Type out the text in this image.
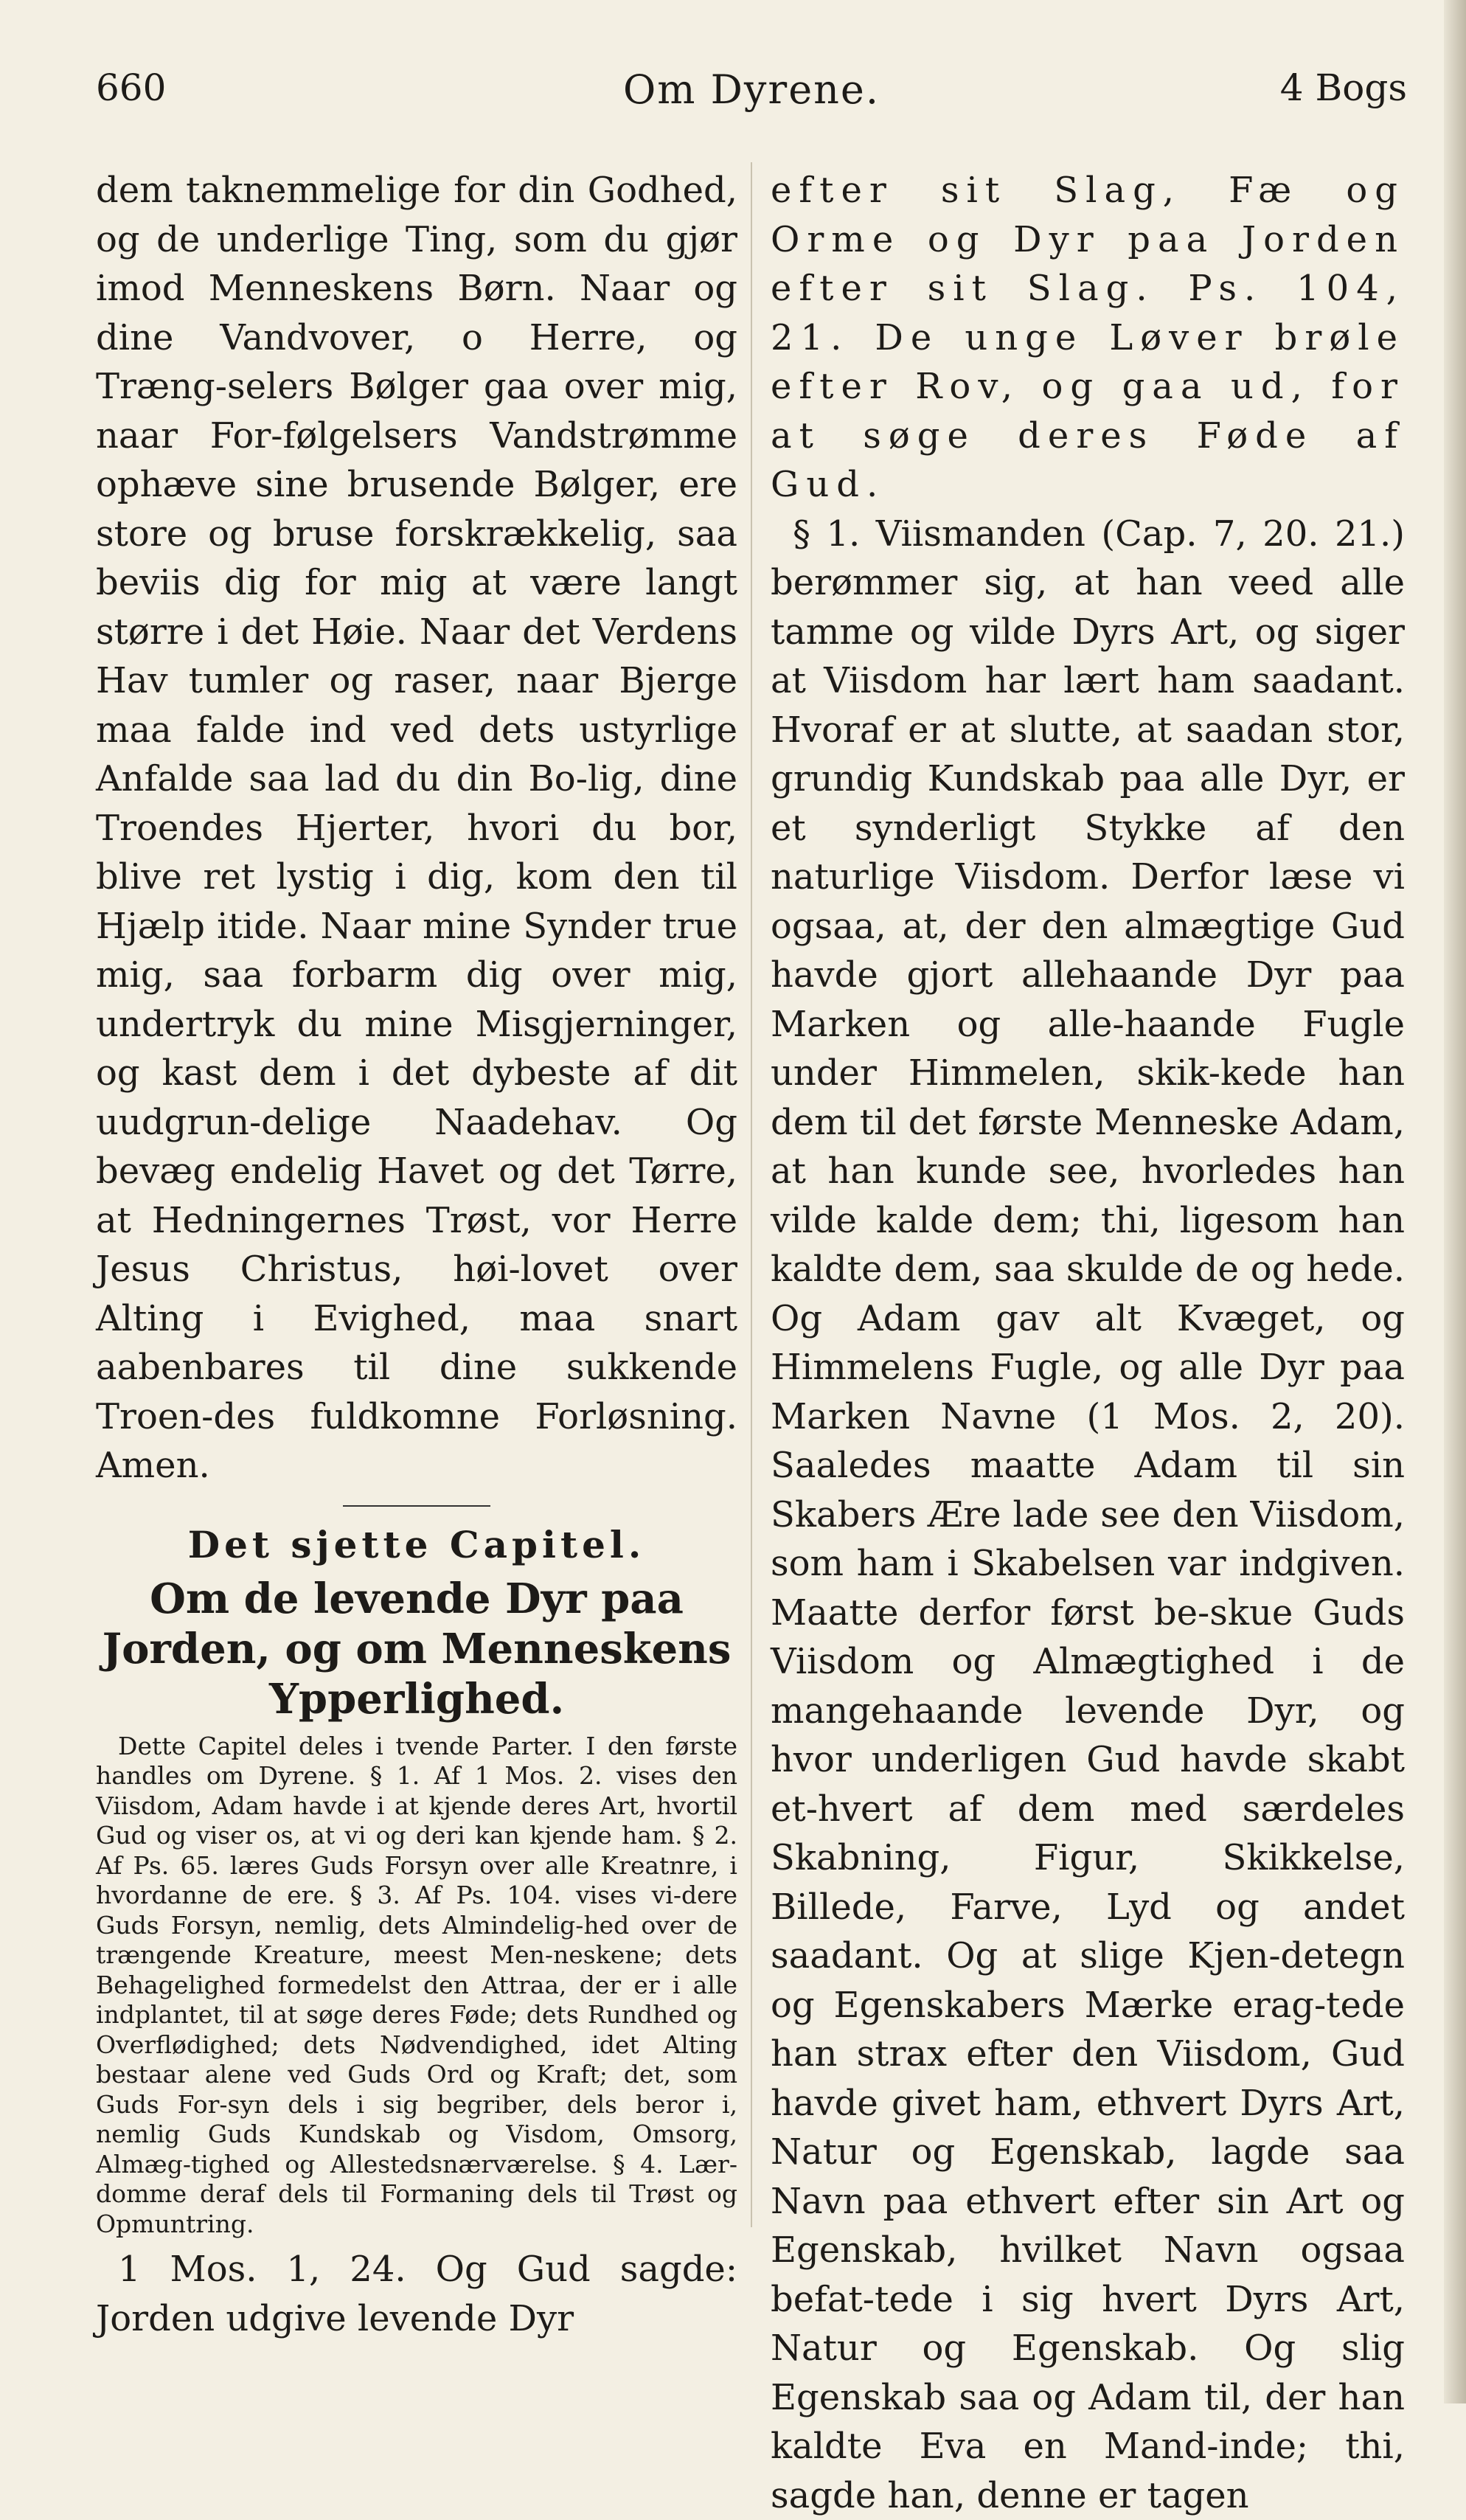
660	Om Dyrene.	4 Bogs

dem taknemmelige for din Godhed, og de underlige Ting, som du gjør imod Menneskens Børn. Naar og dine Vandvover, o Herre, og Træng-selers Bølger gaa over mig, naar For-følgelsers Vandstrømme ophæve sine brusende Bølger, ere store og bruse forskrækkelig, saa beviis dig for mig at være langt større i det Høie. Naar det Verdens Hav tumler og raser, naar Bjerge maa falde ind ved dets ustyrlige Anfalde saa lad du din Bo-lig, dine Troendes Hjerter, hvori du bor, blive ret lystig i dig, kom den til Hjælp itide. Naar mine Synder true mig, saa forbarm dig over mig, undertryk du mine Misgjerninger, og kast dem i det dybeste af dit uudgrun-delige Naadehav. Og bevæg endelig Havet og det Tørre, at Hedningernes Trøst, vor Herre Jesus Christus, høi-lovet over Alting i Evighed, maa snart aabenbares til dine sukkende Troen-des fuldkomne Forløsning. Amen.

Det sjette Capitel.
Om de levende Dyr paa Jorden, og om Menneskens Ypperlighed.

Dette Capitel deles i tvende Parter. I den første handles om Dyrene. § 1. Af 1 Mos. 2. vises den Viisdom, Adam havde i at kjende deres Art, hvortil Gud og viser os, at vi og deri kan kjende ham. § 2. Af Ps. 65. læres Guds Forsyn over alle Kreatnre, i hvordanne de ere. § 3. Af Ps. 104. vises vi-dere Guds Forsyn, nemlig, dets Almindelig-hed over de trængende Kreature, meest Men-neskene; dets Behagelighed formedelst den Attraa, der er i alle indplantet, til at søge deres Føde; dets Rundhed og Overflødighed; dets Nødvendighed, idet Alting bestaar alene ved Guds Ord og Kraft; det, som Guds For-syn dels i sig begriber, dels beror i, nemlig Guds Kundskab og Visdom, Omsorg, Almæg-tighed og Allestedsnærværelse. § 4. Lær-domme deraf dels til Formaning dels til Trøst og Opmuntring.

1 Mos. 1, 24. Og Gud sagde: Jorden udgive levende Dyr

efter sit Slag, Fæ og Orme og Dyr paa Jorden efter sit Slag. Ps. 104, 21. De unge Løver brøle efter Rov, og gaa ud, for at søge deres Føde af Gud.

§ 1. Viismanden (Cap. 7, 20. 21.) berømmer sig, at han veed alle tamme og vilde Dyrs Art, og siger at Viisdom har lært ham saadant. Hvoraf er at slutte, at saadan stor, grundig Kundskab paa alle Dyr, er et synderligt Stykke af den naturlige Viisdom. Derfor læse vi ogsaa, at, der den almægtige Gud havde gjort allehaande Dyr paa Marken og alle-haande Fugle under Himmelen, skik-kede han dem til det første Menneske Adam, at han kunde see, hvorledes han vilde kalde dem; thi, ligesom han kaldte dem, saa skulde de og hede. Og Adam gav alt Kvæget, og Himmelens Fugle, og alle Dyr paa Marken Navne (1 Mos. 2, 20). Saaledes maatte Adam til sin Skabers Ære lade see den Viisdom, som ham i Skabelsen var indgiven. Maatte derfor først be-skue Guds Viisdom og Almægtighed i de mangehaande levende Dyr, og hvor underligen Gud havde skabt et-hvert af dem med særdeles Skabning, Figur, Skikkelse, Billede, Farve, Lyd og andet saadant. Og at slige Kjen-detegn og Egenskabers Mærke erag-tede han strax efter den Viisdom, Gud havde givet ham, ethvert Dyrs Art, Natur og Egenskab, lagde saa Navn paa ethvert efter sin Art og Egenskab, hvilket Navn ogsaa befat-tede i sig hvert Dyrs Art, Natur og Egenskab. Og slig Egenskab saa og Adam til, der han kaldte Eva en Mand-inde; thi, sagde han, denne er tagen
